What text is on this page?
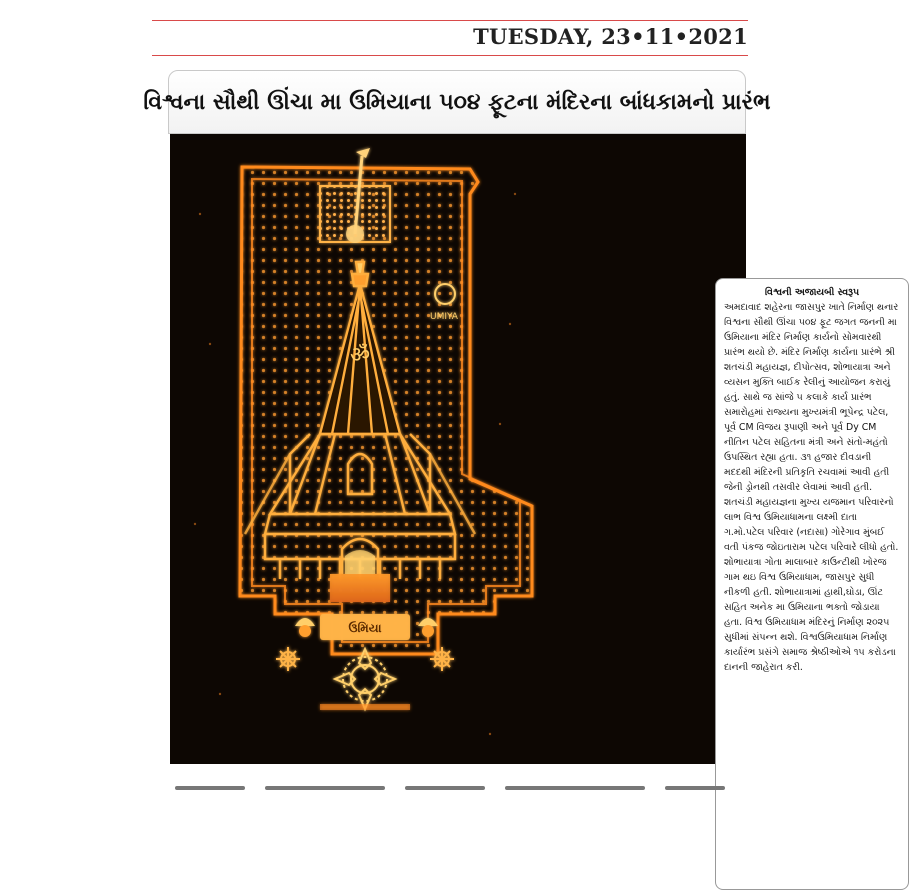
TUESDAY, 23•11•2021
વિશ્વના સૌથી ઊંચા મા ઉમિયાના ૫૦૪ ફૂટના મંદિરના બાંધકામનો પ્રારંભ
ॐ
UMIYA
ઉમિયા

વિશ્વની અજાયબી સ્વરૂપ
અમદાવાદ શહેરના જાસપુર ખાતે નિર્માણ થનાર વિશ્વના સૌથી ઊંચા ૫૦૪ ફૂટ જગત જનની મા ઉમિયાના મંદિર નિર્માણ કાર્યનો સોમવારથી પ્રારંભ થયો છે. મંદિર નિર્માણ કાર્યના પ્રારંભે શ્રી શતચંડી મહાયજ્ઞ, દીપોત્સવ, શોભાયાત્રા અને વ્યસન મુક્તિ બાઈક રેલીનું આયોજન કરાયું હતું. સાથે જ સાંજે ૫ કલાકે કાર્ય પ્રારંભ સમારોહમાં રાજ્યના મુખ્યમંત્રી ભૂપેન્દ્ર પટેલ, પૂર્વ CM વિજય રૂપાણી અને પૂર્વ Dy CM નીતિન પટેલ સહિતના મંત્રી અને સંતો-મહંતો ઉપસ્થિત રહ્યા હતા. ૩૧ હજાર દીવડાની મદદથી મંદિરની પ્રતિકૃતિ રચવામાં આવી હતી જેની ડ્રોનથી તસવીર લેવામાં આવી હતી. શતચંડી મહાયજ્ઞના મુખ્ય યજમાન પરિવારનો લાભ વિશ્વ ઉમિયાધામના લક્ષ્મી દાતા ગ.મો.પટેલ પરિવાર (નદાસા) ગોરેગાવ મુંબઈ વતી પંકજ જોઇતારામ પટેલ પરિવારે લીધો હતો. શોભાયાત્રા ગોતા માલાબાર કાઉન્ટીથી ખોરજ ગામ થઇ વિશ્વ ઉમિયાધામ, જાસપુર સુધી નીકળી હતી. શોભાયાત્રામાં હાથી,ઘોડા, ઊંટ સહિત અનેક મા ઉમિયાના ભક્તો જોડાયા હતા. વિશ્વ ઉમિયાધામ મંદિરનું નિર્માણ ૨૦૨૫ સુધીમાં સંપન્ન થશે. વિશ્વઉમિયાધામ નિર્માણ કાર્યારંભ પ્રસંગે સમાજ શ્રેષ્ઠીઓએ ૧૫ કરોડના દાનની જાહેરાત કરી.
